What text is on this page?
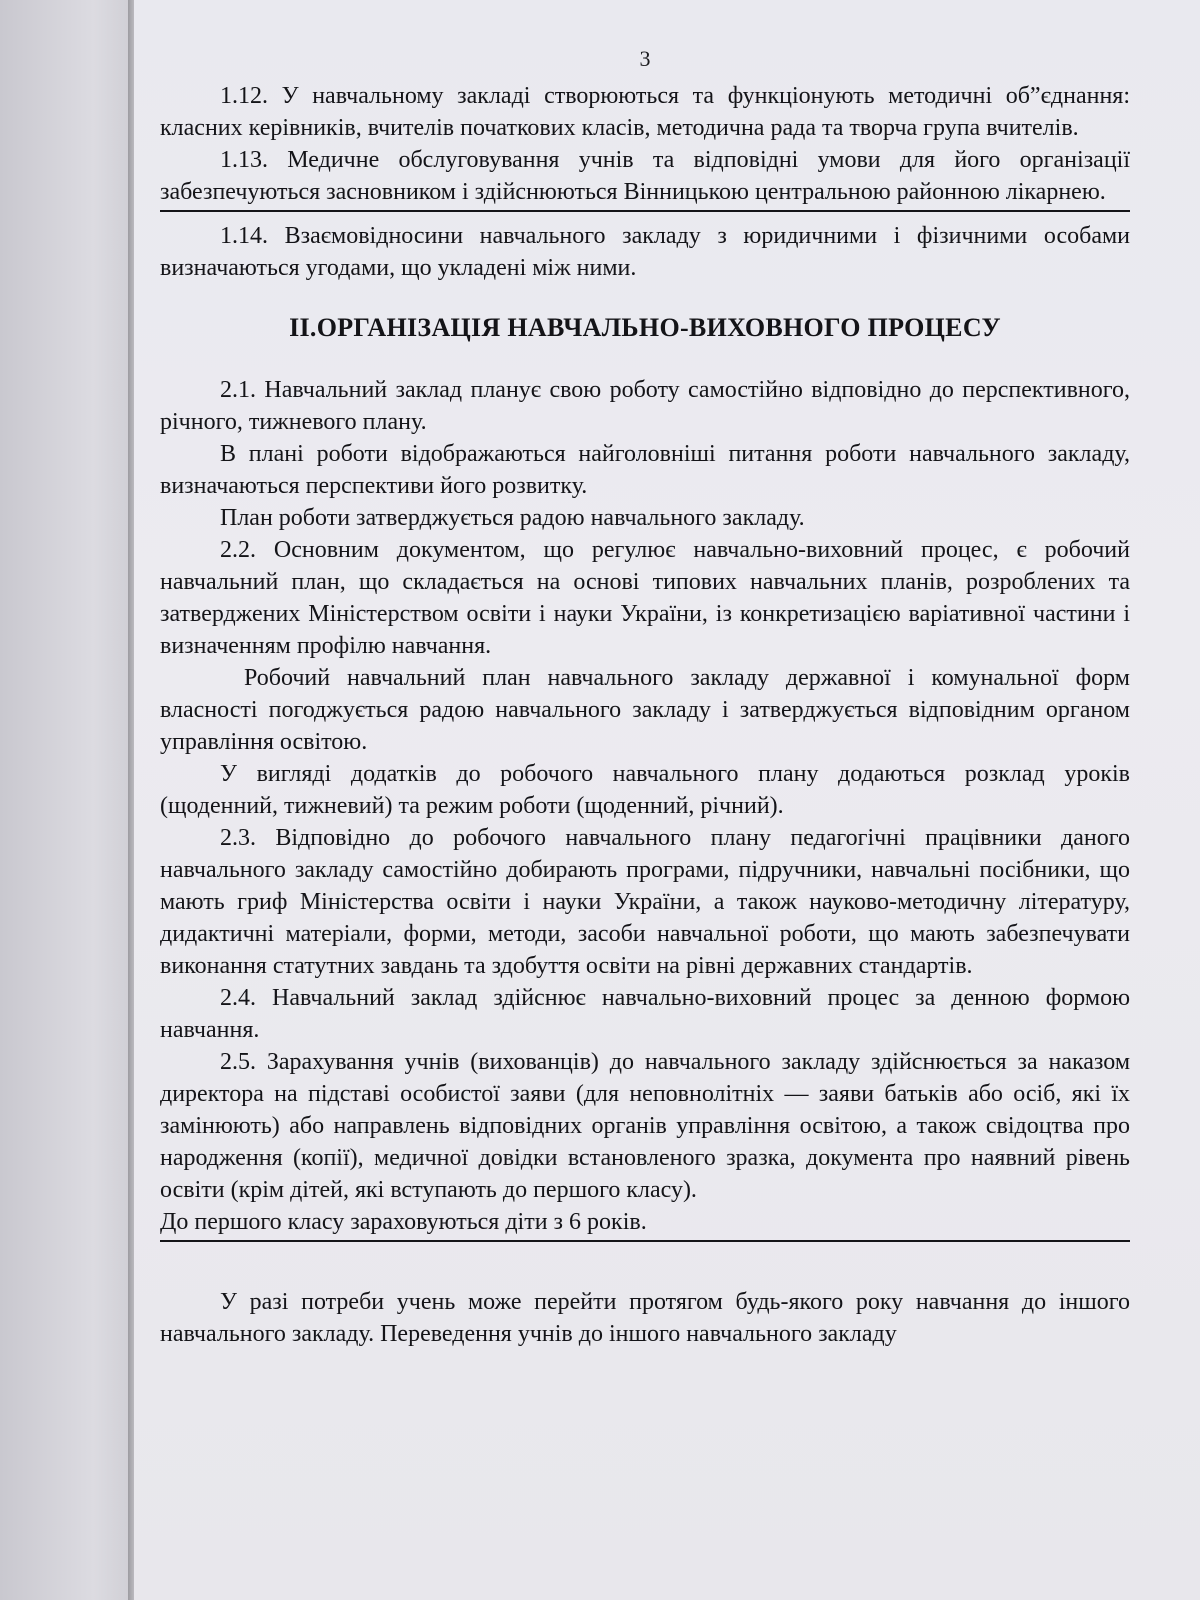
3

1.12. У навчальному закладі створюються та функціонують методичні об”єднання: класних керівників, вчителів початкових класів, методична рада та творча група вчителів.

1.13. Медичне обслуговування учнів та відповідні умови для його організації забезпечуються засновником і здійснюються Вінницькою центральною районною лікарнею.

1.14. Взаємовідносини навчального закладу з юридичними і фізичними особами визначаються угодами, що укладені між ними.

ІІ.ОРГАНІЗАЦІЯ НАВЧАЛЬНО-ВИХОВНОГО ПРОЦЕСУ

2.1. Навчальний заклад планує свою роботу самостійно відповідно до перспективного, річного, тижневого плану.

В плані роботи відображаються найголовніші питання роботи навчального закладу, визначаються перспективи його розвитку.

План роботи затверджується радою навчального закладу.

2.2. Основним документом, що регулює навчально-виховний процес, є робочий навчальний план, що складається на основі типових навчальних планів, розроблених та затверджених Міністерством освіти і науки України, із конкретизацією варіативної частини і визначенням профілю навчання.

Робочий навчальний план навчального закладу державної і комунальної форм власності погоджується радою навчального закладу і затверджується відповідним органом управління освітою.

У вигляді додатків до робочого навчального плану додаються розклад уроків (щоденний, тижневий) та режим роботи (щоденний, річний).

2.3. Відповідно до робочого навчального плану педагогічні працівники даного навчального закладу самостійно добирають програми, підручники, навчальні посібники, що мають гриф Міністерства освіти і науки України, а також науково-методичну літературу, дидактичні матеріали, форми, методи, засоби навчальної роботи, що мають забезпечувати виконання статутних завдань та здобуття освіти на рівні державних стандартів.

2.4. Навчальний заклад здійснює навчально-виховний процес за денною формою навчання.

2.5. Зарахування учнів (вихованців) до навчального закладу здійснюється за наказом директора на підставі особистої заяви (для неповнолітніх — заяви батьків або осіб, які їх замінюють) або направлень відповідних органів управління освітою, а також свідоцтва про народження (копії), медичної довідки встановленого зразка, документа про наявний рівень освіти (крім дітей, які вступають до першого класу).

До першого класу зараховуються діти з 6 років.

У разі потреби учень може перейти протягом будь-якого року навчання до іншого навчального закладу. Переведення учнів до іншого навчального закладу
